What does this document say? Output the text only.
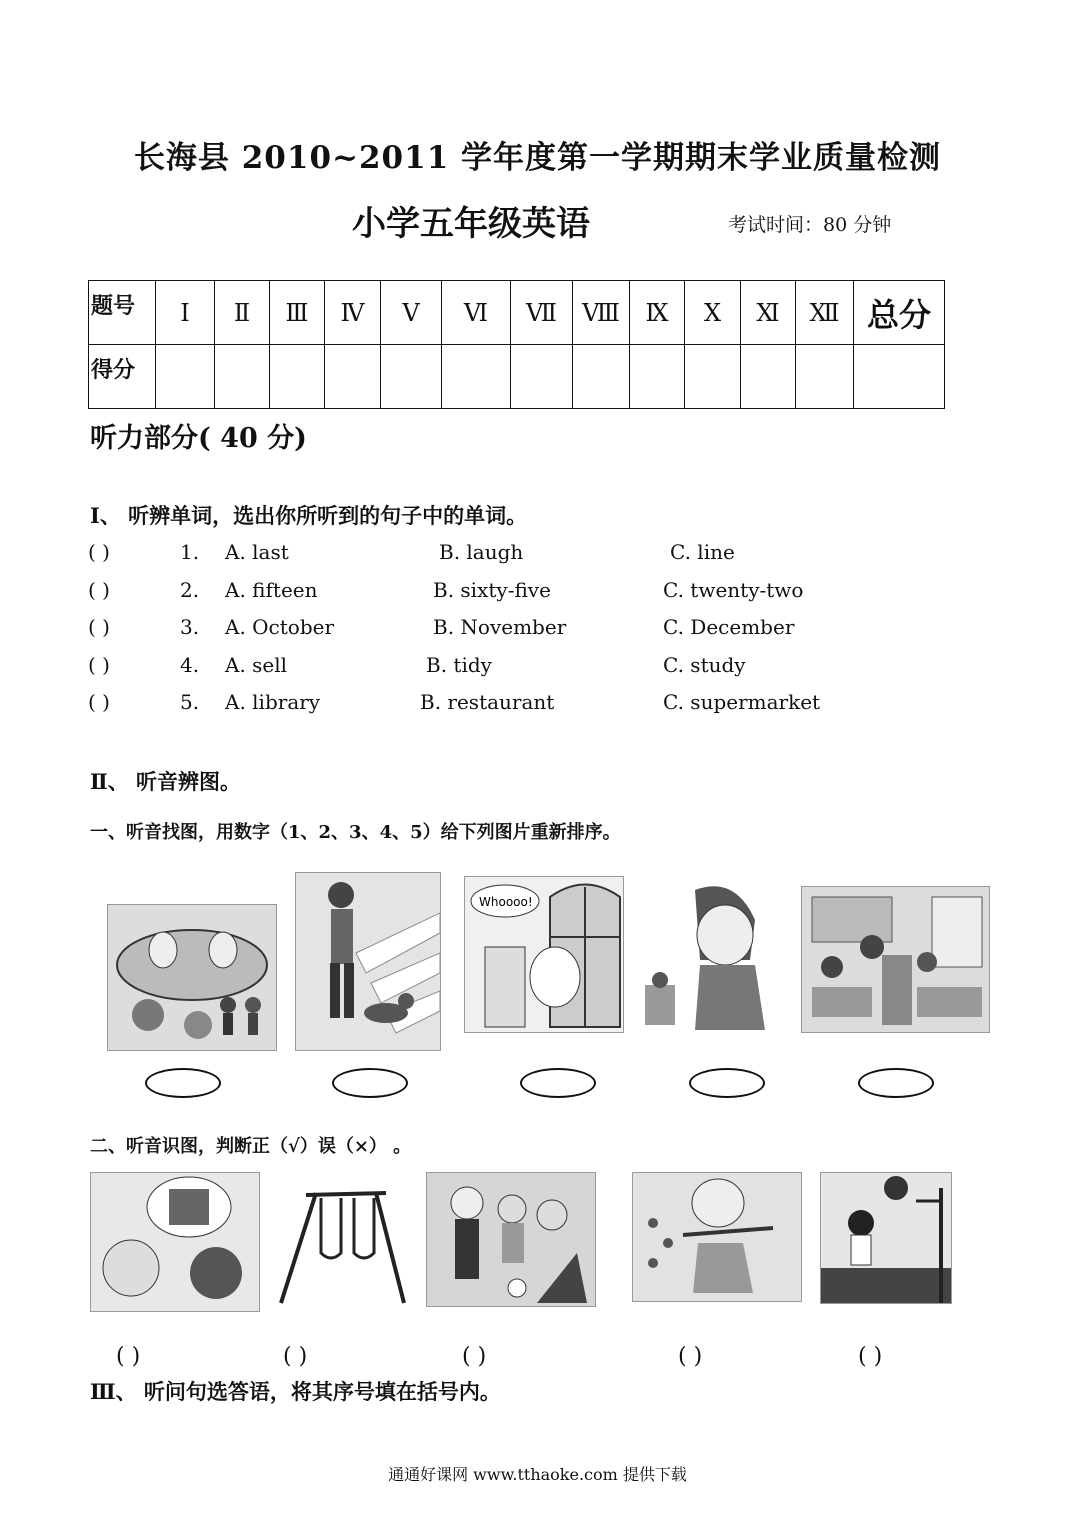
长海县 2010~2011 学年度第一学期期末学业质量检测
小学五年级英语	考试时间：80 分钟
题号	Ⅰ	Ⅱ	Ⅲ	Ⅳ	Ⅴ	Ⅵ	Ⅶ	Ⅷ	Ⅸ	Ⅹ	Ⅺ	Ⅻ	总分
得分													
听力部分( 40 分)
Ⅰ、 听辨单词，选出你所听到的句子中的单词。
( )	1. A. last	B. laugh	C. line
( )	2. A. fifteen	B. sixty-five	C. twenty-two
( )	3. A. October	B. November	C. December
( )	4. A. sell	B. tidy	C. study
( )	5. A. library	B. restaurant	C. supermarket
Ⅱ、 听音辨图。
一、听音找图，用数字（1、2、3、4、5）给下列图片重新排序。
Whoooo!
二、听音识图，判断正（√）误（×） 。
( )	( )	( )	( )	( )
Ⅲ、 听问句选答语，将其序号填在括号内。
通通好课网 www.tthaoke.com 提供下载
